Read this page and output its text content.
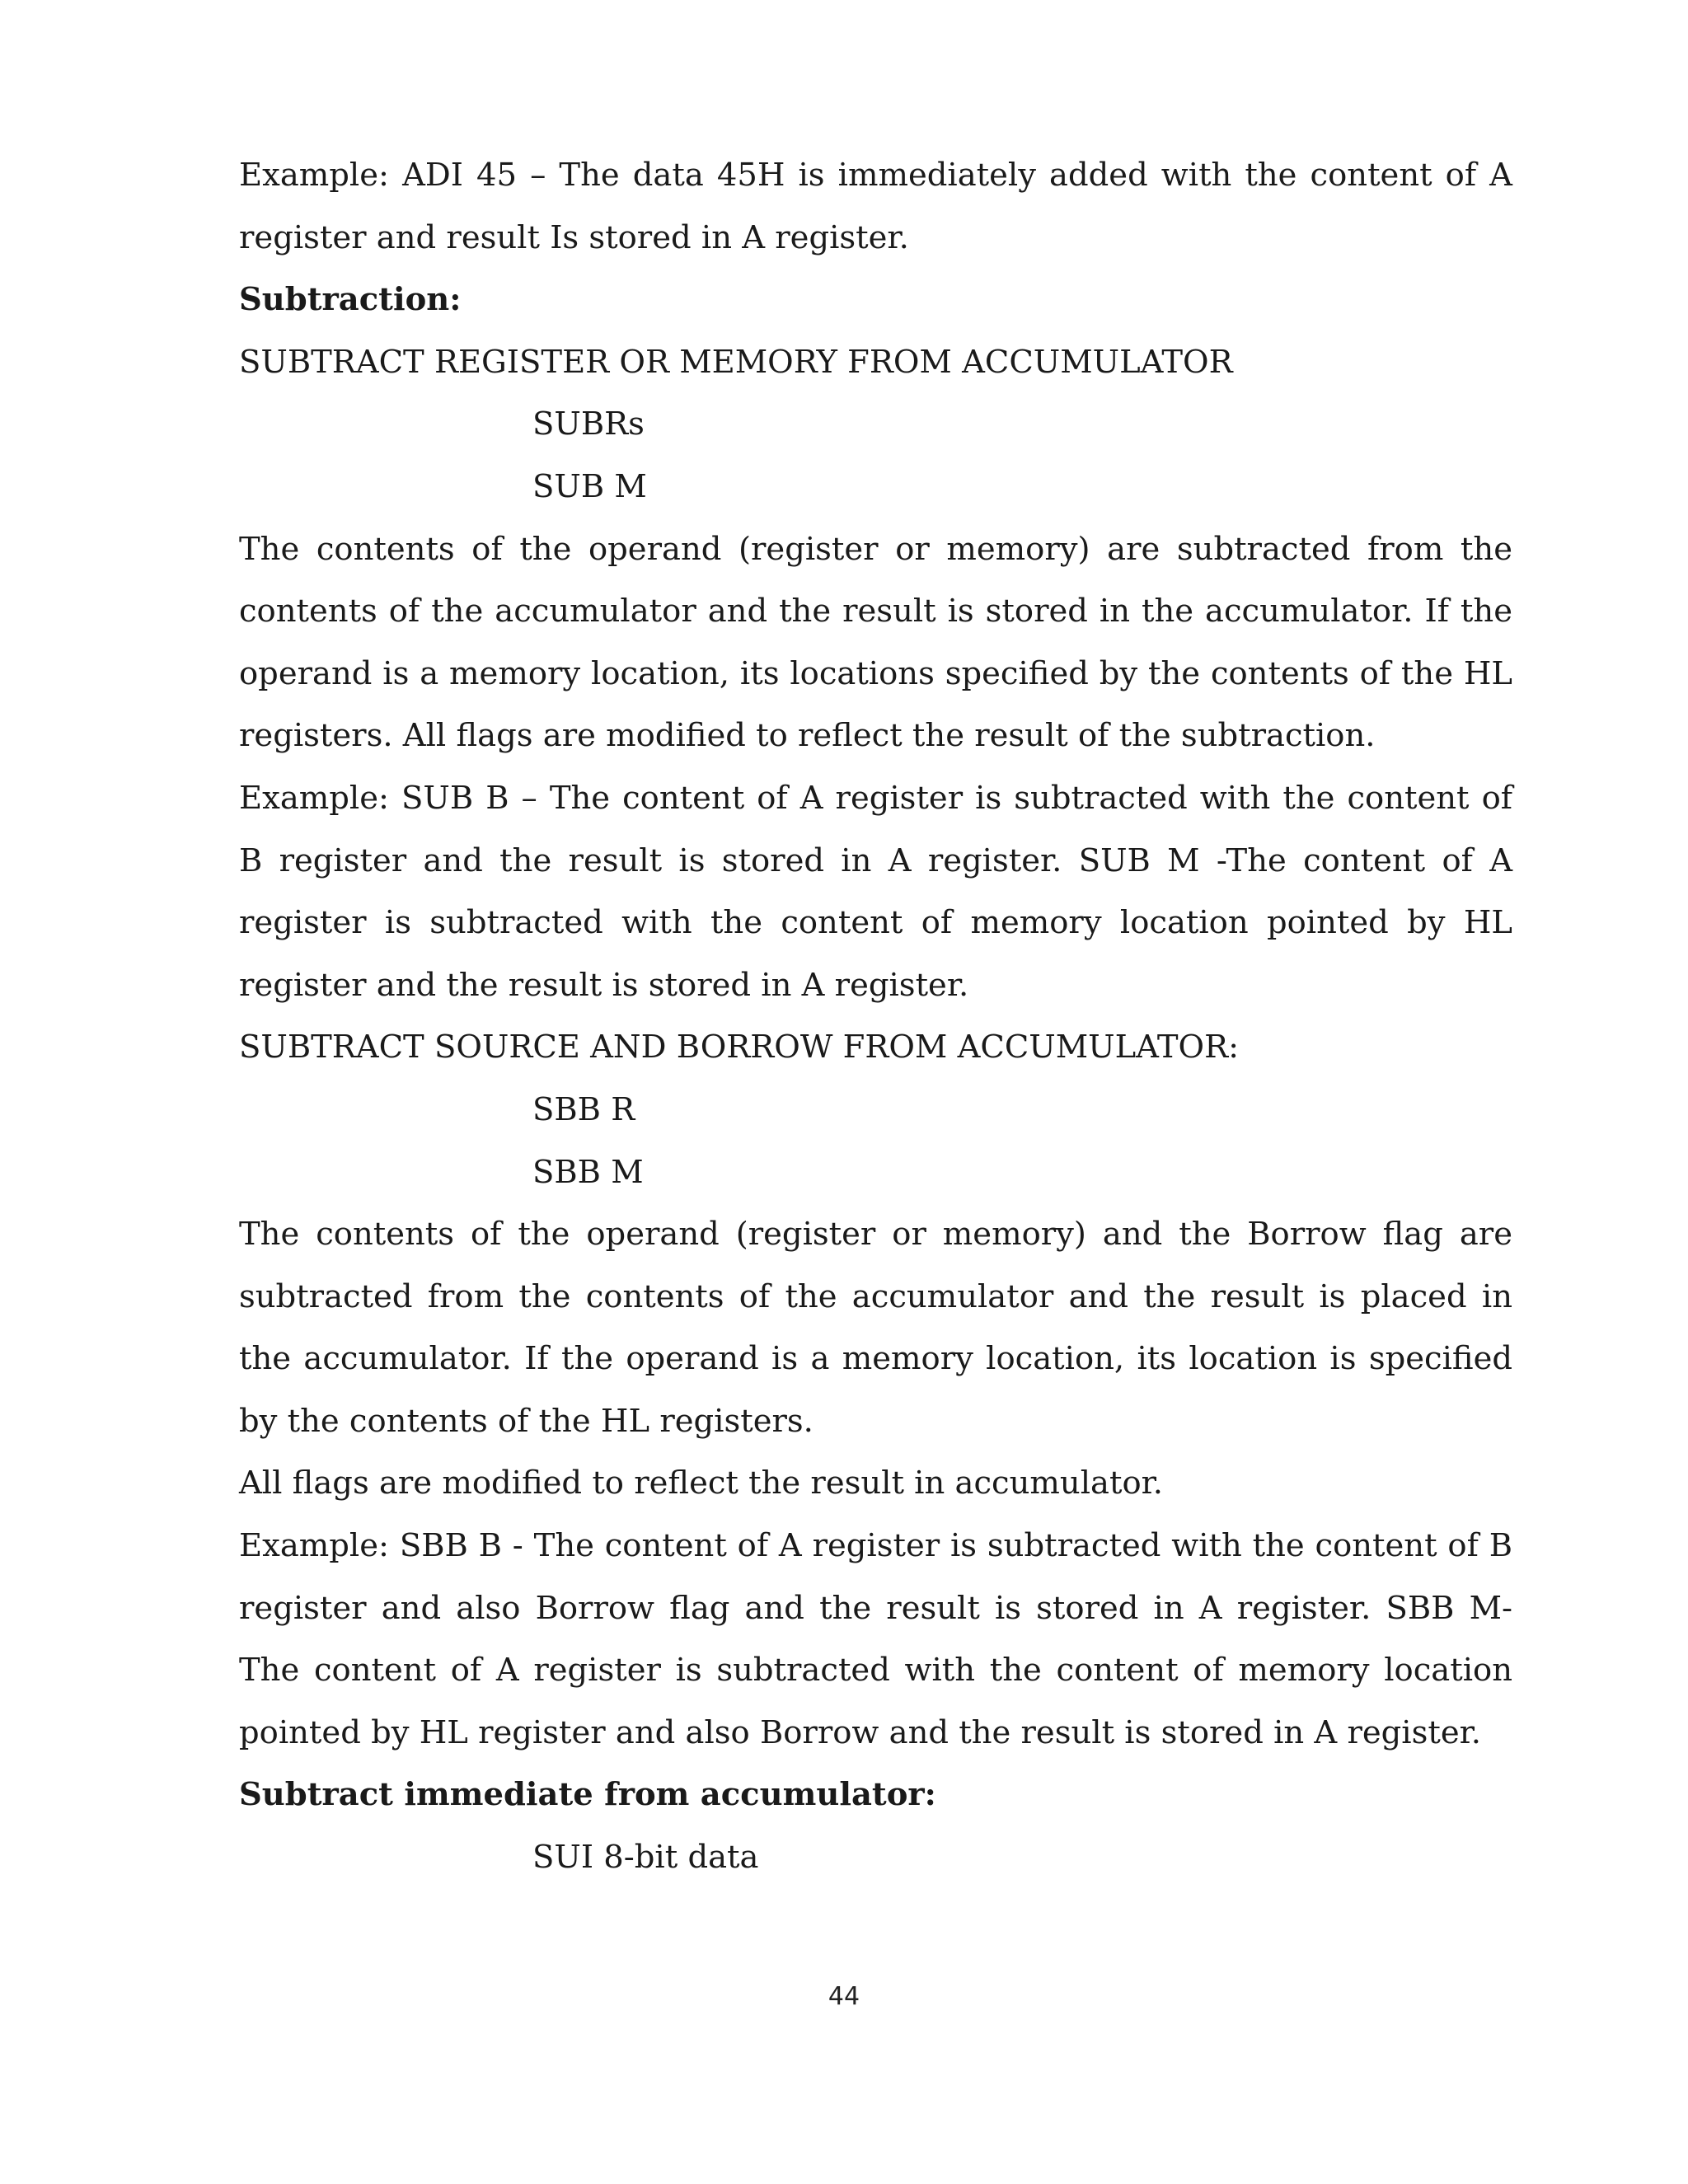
Example: ADI 45 – The data 45H is immediately added with the content of A register and result Is stored in A register.

Subtraction:

SUBTRACT REGISTER OR MEMORY FROM ACCUMULATOR

SUBRs

SUB M

The contents of the operand (register or memory) are subtracted from the contents of the accumulator and the result is stored in the accumulator. If the operand is a memory location, its locations specified by the contents of the HL registers. All flags are modified to reflect the result of the subtraction.

Example: SUB B – The content of A register is subtracted with the content of B register and the result is stored in A register. SUB M -The content of A register is subtracted with the content of memory location pointed by HL register and the result is stored in A register.

SUBTRACT SOURCE AND BORROW FROM ACCUMULATOR:

SBB R

SBB M

The contents of the operand (register or memory) and the Borrow flag are subtracted from the contents of the accumulator and the result is placed in the accumulator. If the operand is a memory location, its location is specified by the contents of the HL registers.

All flags are modified to reflect the result in accumulator.

Example: SBB B - The content of A register is subtracted with the content of B register and also Borrow flag and the result is stored in A register. SBB M- The content of A register is subtracted with the content of memory location pointed by HL register and also Borrow and the result is stored in A register.

Subtract immediate from accumulator:

SUI 8-bit data

44
